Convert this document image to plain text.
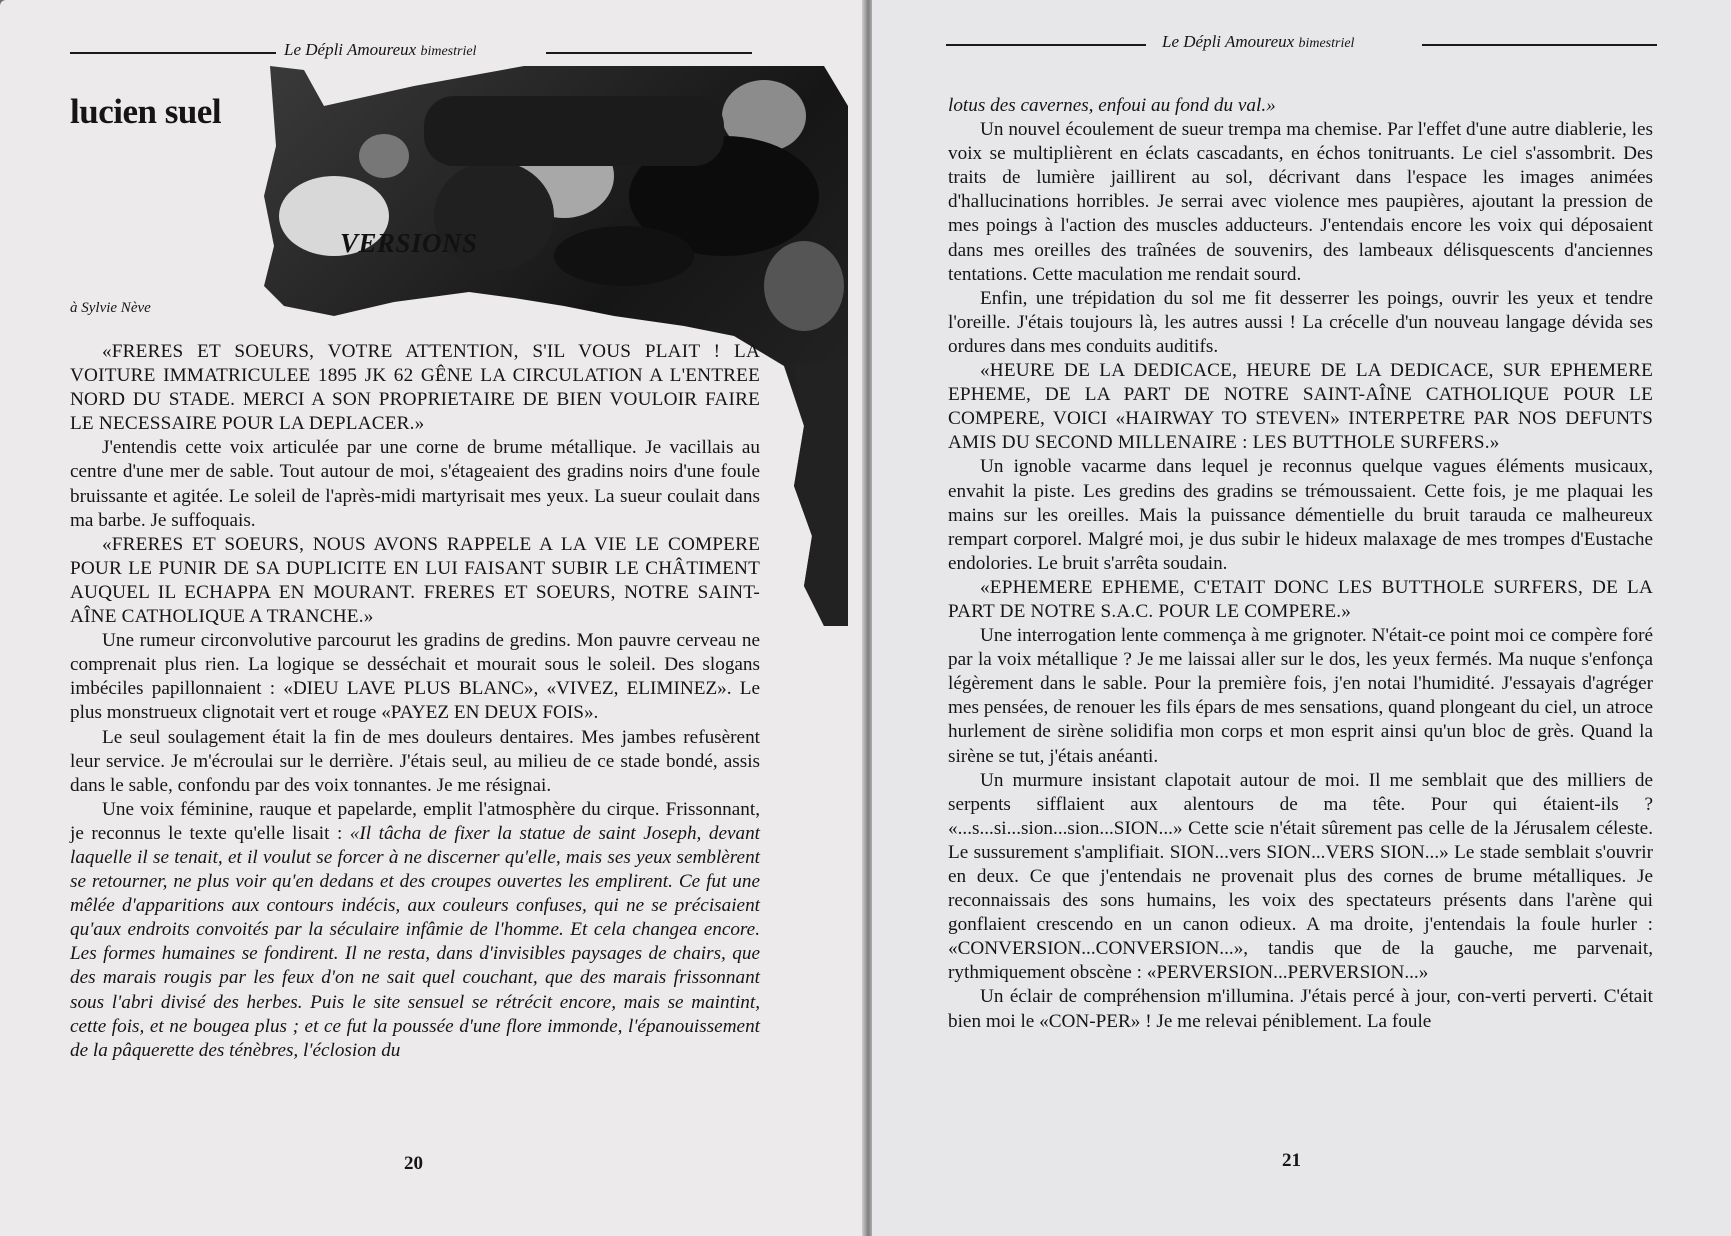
Le Dépli Amoureux bimestriel
lucien suel
VERSIONS
à Sylvie Nève

«FRERES ET SOEURS, VOTRE ATTENTION, S'IL VOUS PLAIT ! LA VOITURE IMMATRICULEE 1895 JK 62 GÊNE LA CIRCULATION A L'ENTREE NORD DU STADE. MERCI A SON PROPRIETAIRE DE BIEN VOULOIR FAIRE LE NECESSAIRE POUR LA DEPLACER.»

J'entendis cette voix articulée par une corne de brume métallique. Je vacillais au centre d'une mer de sable. Tout autour de moi, s'étageaient des gradins noirs d'une foule bruissante et agitée. Le soleil de l'après-midi martyrisait mes yeux. La sueur coulait dans ma barbe. Je suffoquais.

«FRERES ET SOEURS, NOUS AVONS RAPPELE A LA VIE LE COMPERE POUR LE PUNIR DE SA DUPLICITE EN LUI FAISANT SUBIR LE CHÂTIMENT AUQUEL IL ECHAPPA EN MOURANT. FRERES ET SOEURS, NOTRE SAINT-AÎNE CATHOLIQUE A TRANCHE.»

Une rumeur circonvolutive parcourut les gradins de gredins. Mon pauvre cerveau ne comprenait plus rien. La logique se desséchait et mourait sous le soleil. Des slogans imbéciles papillonnaient : «DIEU LAVE PLUS BLANC», «VIVEZ, ELIMINEZ». Le plus monstrueux clignotait vert et rouge «PAYEZ EN DEUX FOIS».

Le seul soulagement était la fin de mes douleurs dentaires. Mes jambes refusèrent leur service. Je m'écroulai sur le derrière. J'étais seul, au milieu de ce stade bondé, assis dans le sable, confondu par des voix tonnantes. Je me résignai.

Une voix féminine, rauque et papelarde, emplit l'atmosphère du cirque. Frissonnant, je reconnus le texte qu'elle lisait : «Il tâcha de fixer la statue de saint Joseph, devant laquelle il se tenait, et il voulut se forcer à ne discerner qu'elle, mais ses yeux semblèrent se retourner, ne plus voir qu'en dedans et des croupes ouvertes les emplirent. Ce fut une mêlée d'apparitions aux contours indécis, aux couleurs confuses, qui ne se précisaient qu'aux endroits convoités par la séculaire infâmie de l'homme. Et cela changea encore. Les formes humaines se fondirent. Il ne resta, dans d'invisibles paysages de chairs, que des marais rougis par les feux d'on ne sait quel couchant, que des marais frissonnant sous l'abri divisé des herbes. Puis le site sensuel se rétrécit encore, mais se maintint, cette fois, et ne bougea plus ; et ce fut la poussée d'une flore immonde, l'épanouissement de la pâquerette des ténèbres, l'éclosion du

20
Le Dépli Amoureux bimestriel

lotus des cavernes, enfoui au fond du val.»

Un nouvel écoulement de sueur trempa ma chemise. Par l'effet d'une autre diablerie, les voix se multiplièrent en éclats cascadants, en échos tonitruants. Le ciel s'assombrit. Des traits de lumière jaillirent au sol, décrivant dans l'espace les images animées d'hallucinations horribles. Je serrai avec violence mes paupières, ajoutant la pression de mes poings à l'action des muscles adducteurs. J'entendais encore les voix qui déposaient dans mes oreilles des traînées de souvenirs, des lambeaux délisquescents d'anciennes tentations. Cette maculation me rendait sourd.

Enfin, une trépidation du sol me fit desserrer les poings, ouvrir les yeux et tendre l'oreille. J'étais toujours là, les autres aussi ! La crécelle d'un nouveau langage dévida ses ordures dans mes conduits auditifs.

«HEURE DE LA DEDICACE, HEURE DE LA DEDICACE, SUR EPHEMERE EPHEME, DE LA PART DE NOTRE SAINT-AÎNE CATHOLIQUE POUR LE COMPERE, VOICI «HAIRWAY TO STEVEN» INTERPETRE PAR NOS DEFUNTS AMIS DU SECOND MILLENAIRE : LES BUTTHOLE SURFERS.»

Un ignoble vacarme dans lequel je reconnus quelque vagues éléments musicaux, envahit la piste. Les gredins des gradins se trémoussaient. Cette fois, je me plaquai les mains sur les oreilles. Mais la puissance démentielle du bruit tarauda ce malheureux rempart corporel. Malgré moi, je dus subir le hideux malaxage de mes trompes d'Eustache endolories. Le bruit s'arrêta soudain.

«EPHEMERE EPHEME, C'ETAIT DONC LES BUTTHOLE SURFERS, DE LA PART DE NOTRE S.A.C. POUR LE COMPERE.»

Une interrogation lente commença à me grignoter. N'était-ce point moi ce compère foré par la voix métallique ? Je me laissai aller sur le dos, les yeux fermés. Ma nuque s'enfonça légèrement dans le sable. Pour la première fois, j'en notai l'humidité. J'essayais d'agréger mes pensées, de renouer les fils épars de mes sensations, quand plongeant du ciel, un atroce hurlement de sirène solidifia mon corps et mon esprit ainsi qu'un bloc de grès. Quand la sirène se tut, j'étais anéanti.

Un murmure insistant clapotait autour de moi. Il me semblait que des milliers de serpents sifflaient aux alentours de ma tête. Pour qui étaient-ils ? «...s...si...sion...sion...SION...» Cette scie n'était sûrement pas celle de la Jérusalem céleste. Le sussurement s'amplifiait. SION...vers SION...VERS SION...» Le stade semblait s'ouvrir en deux. Ce que j'entendais ne provenait plus des cornes de brume métalliques. Je reconnaissais des sons humains, les voix des spectateurs présents dans l'arène qui gonflaient crescendo en un canon odieux. A ma droite, j'entendais la foule hurler : «CONVERSION...CONVERSION...», tandis que de la gauche, me parvenait, rythmiquement obscène : «PERVERSION...PERVERSION...»

Un éclair de compréhension m'illumina. J'étais percé à jour, con-verti perverti. C'était bien moi le «CON-PER» ! Je me relevai péniblement. La foule

21
